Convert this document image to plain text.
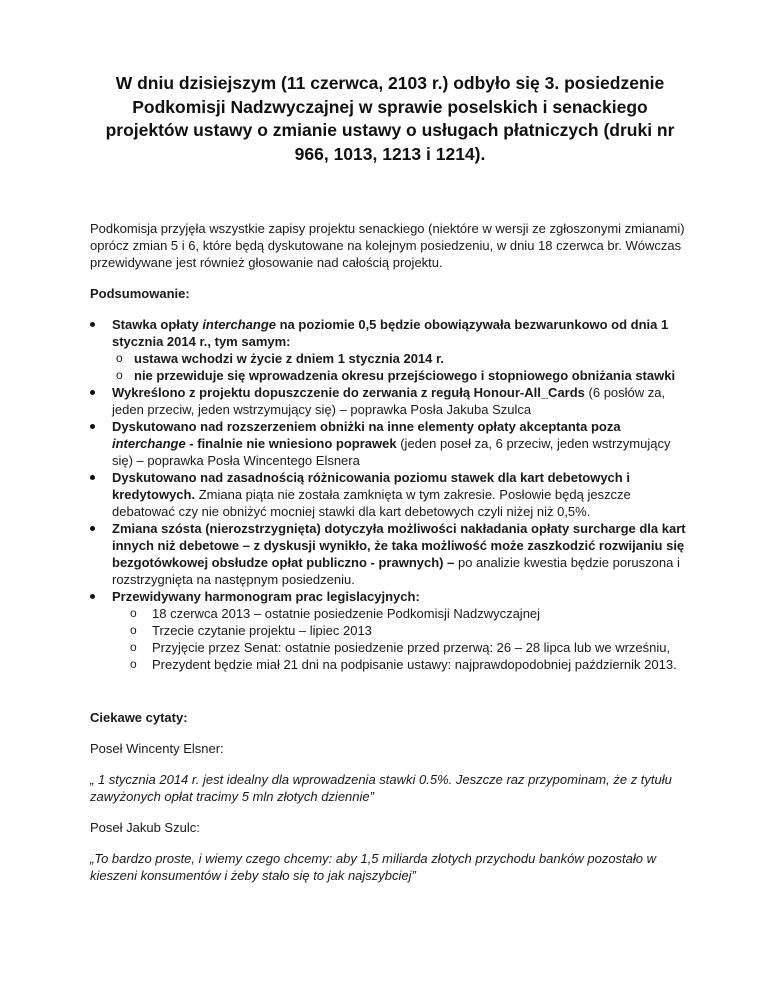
W dniu dzisiejszym (11 czerwca, 2103 r.) odbyło się 3. posiedzenie Podkomisji Nadzwyczajnej w sprawie poselskich i senackiego projektów ustawy o zmianie ustawy o usługach płatniczych (druki nr 966, 1013, 1213 i 1214).

Podkomisja przyjęła wszystkie zapisy projektu senackiego (niektóre w wersji ze zgłoszonymi zmianami) oprócz zmian 5 i 6, które będą dyskutowane na kolejnym posiedzeniu, w dniu 18 czerwca br. Wówczas przewidywane jest również głosowanie nad całością projektu.

Podsumowanie:

Stawka opłaty interchange na poziomie 0,5 będzie obowiązywała bezwarunkowo od dnia 1 stycznia 2014 r., tym samym:
o ustawa wchodzi w życie z dniem 1 stycznia 2014 r.
o nie przewiduje się wprowadzenia okresu przejściowego i stopniowego obniżania stawki
Wykreślono z projektu dopuszczenie do zerwania z regułą Honour-All_Cards (6 posłów za, jeden przeciw, jeden wstrzymujący się) – poprawka Posła Jakuba Szulca
Dyskutowano nad rozszerzeniem obniżki na inne elementy opłaty akceptanta poza interchange - finalnie nie wniesiono poprawek (jeden poseł za, 6 przeciw, jeden wstrzymujący się) – poprawka Posła Wincentego Elsnera
Dyskutowano nad zasadnością różnicowania poziomu stawek dla kart debetowych i kredytowych. Zmiana piąta nie została zamknięta w tym zakresie. Posłowie będą jeszcze debatować czy nie obniżyć mocniej stawki dla kart debetowych czyli niżej niż 0,5%.
Zmiana szósta (nierozstrzygnięta) dotyczyła możliwości nakładania opłaty surcharge dla kart innych niż debetowe – z dyskusji wynikło, że taka możliwość może zaszkodzić rozwijaniu się bezgotówkowej obsłudze opłat publiczno - prawnych) – po analizie kwestia będzie poruszona i rozstrzygnięta na następnym posiedzeniu.
Przewidywany harmonogram prac legislacyjnych:
o 18 czerwca 2013 – ostatnie posiedzenie Podkomisji Nadzwyczajnej
o Trzecie czytanie projektu – lipiec 2013
o Przyjęcie przez Senat: ostatnie posiedzenie przed przerwą: 26 – 28 lipca lub we wrześniu,
o Prezydent będzie miał 21 dni na podpisanie ustawy: najprawdopodobniej październik 2013.

Ciekawe cytaty:

Poseł Wincenty Elsner:

„ 1 stycznia 2014 r. jest idealny dla wprowadzenia stawki 0.5%. Jeszcze raz przypominam, że z tytułu zawyżonych opłat tracimy 5 mln złotych dziennie”

Poseł Jakub Szulc:

„To bardzo proste, i wiemy czego chcemy: aby 1,5 miliarda złotych przychodu banków pozostało w kieszeni konsumentów i żeby stało się to jak najszybciej”
